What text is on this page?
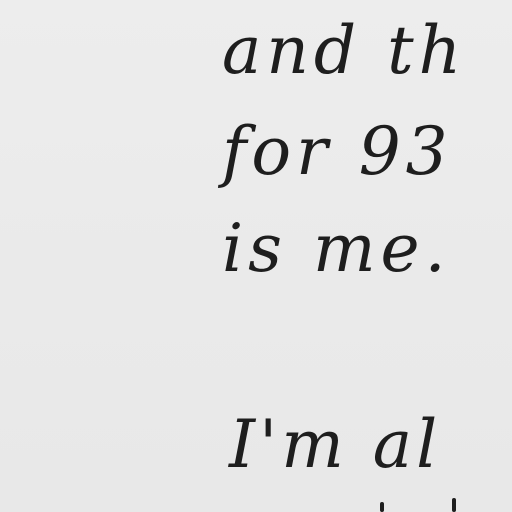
and th

for 93

is me.

I'm al
